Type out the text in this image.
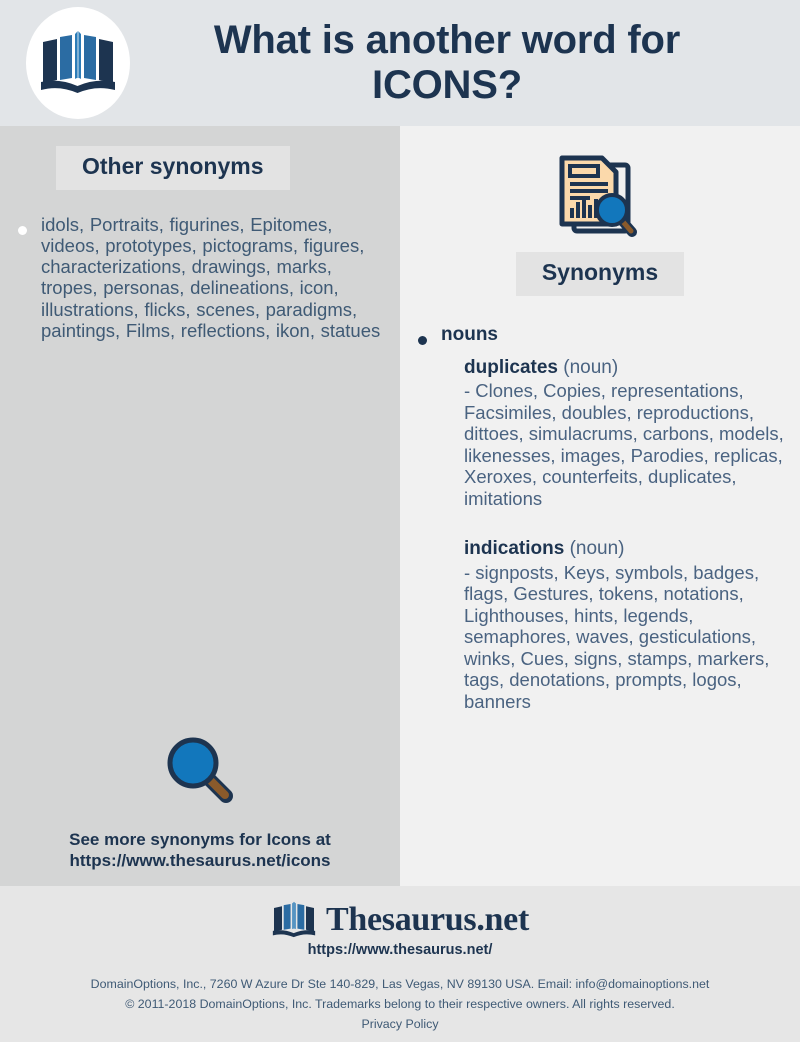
What is another word for
ICONS?
Other synonyms
idols, Portraits, figurines, Epitomes, videos, prototypes, pictograms, figures, characterizations, drawings, marks, tropes, personas, delineations, icon, illustrations, flicks, scenes, paradigms, paintings, Films, reflections, ikon, statues
See more synonyms for Icons at
https://www.thesaurus.net/icons
Synonyms
nouns
duplicates (noun)
- Clones, Copies, representations, Facsimiles, doubles, reproductions, dittoes, simulacrums, carbons, models, likenesses, images, Parodies, replicas, Xeroxes, counterfeits, duplicates, imitations
indications (noun)
- signposts, Keys, symbols, badges, flags, Gestures, tokens, notations, Lighthouses, hints, legends, semaphores, waves, gesticulations, winks, Cues, signs, stamps, markers, tags, denotations, prompts, logos, banners
Thesaurus.net
https://www.thesaurus.net/
DomainOptions, Inc., 7260 W Azure Dr Ste 140-829, Las Vegas, NV 89130 USA. Email: info@domainoptions.net
© 2011-2018 DomainOptions, Inc. Trademarks belong to their respective owners. All rights reserved.
Privacy Policy
